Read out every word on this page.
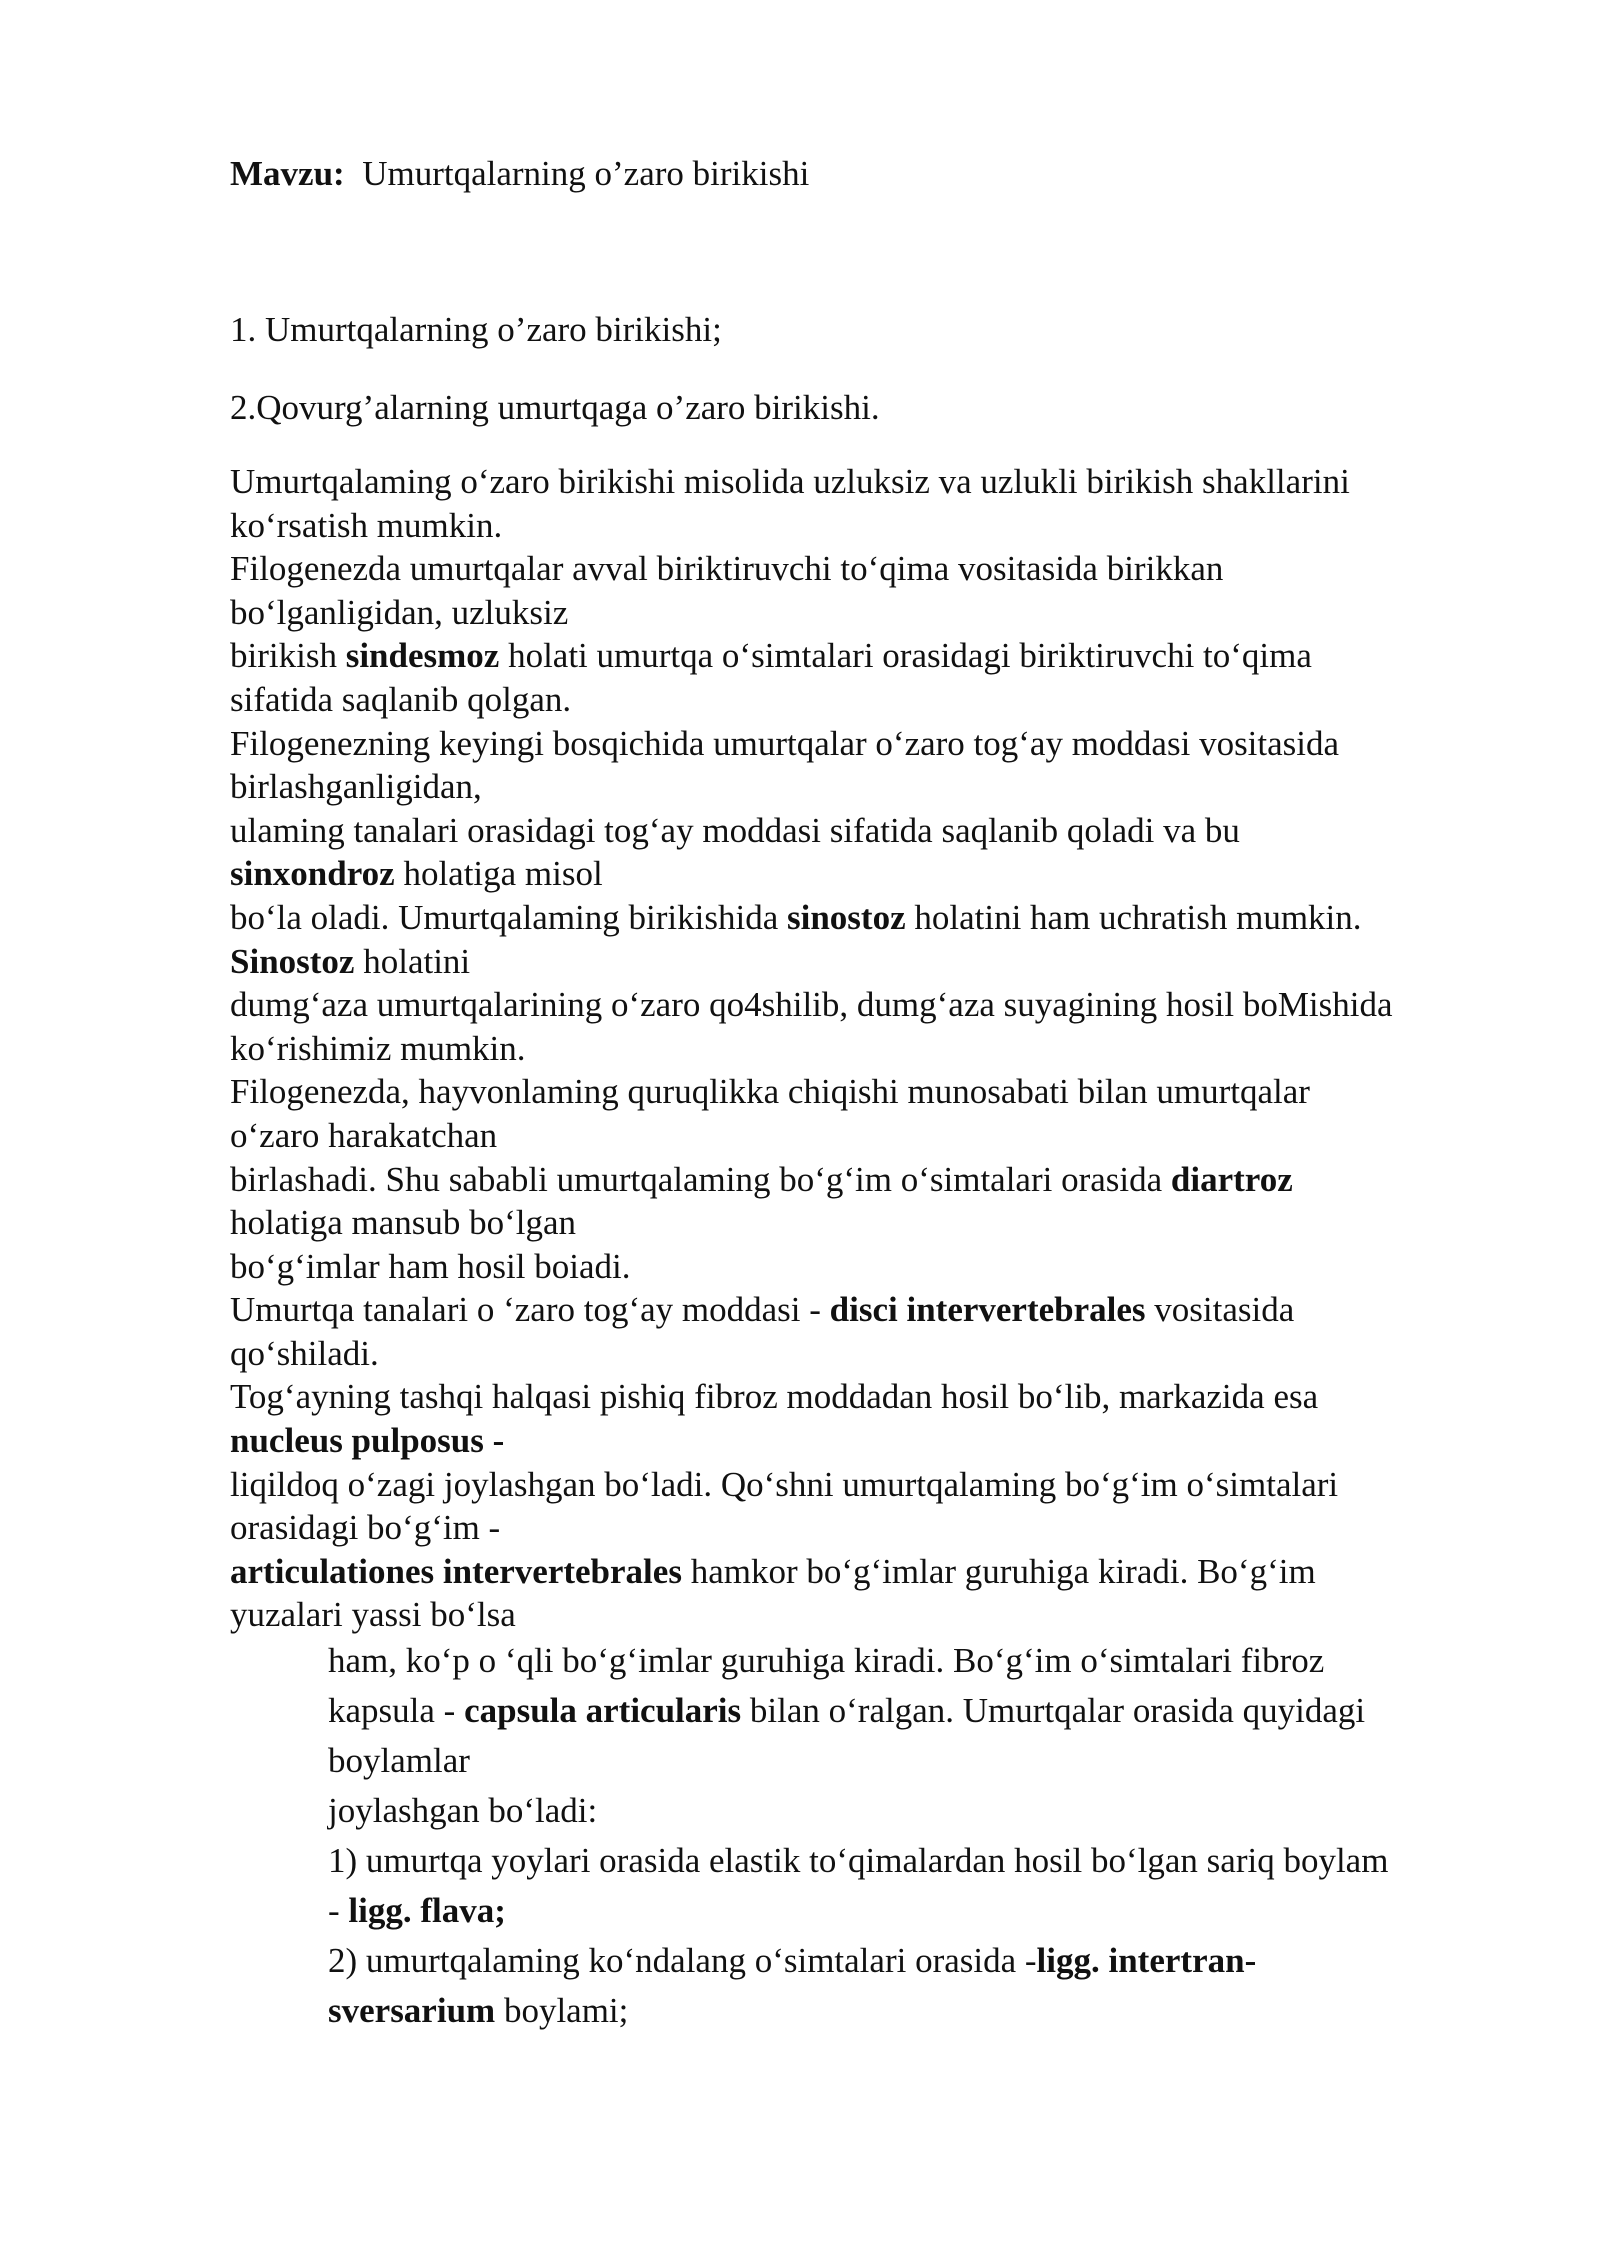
Mavzu: Umurtqalarning o’zaro birikishi
1. Umurtqalarning o’zaro birikishi;
2.Qovurg’alarning umurtqaga o’zaro birikishi.
Umurtqalaming o‘zaro birikishi misolida uzluksiz va uzlukli birikish shakllarini
ko‘rsatish mumkin.
Filogenezda umurtqalar avval biriktiruvchi to‘qima vositasida birikkan
bo‘lganligidan, uzluksiz
birikish sindesmoz holati umurtqa o‘simtalari orasidagi biriktiruvchi to‘qima
sifatida saqlanib qolgan.
Filogenezning keyingi bosqichida umurtqalar o‘zaro tog‘ay moddasi vositasida
birlashganligidan,
ulaming tanalari orasidagi tog‘ay moddasi sifatida saqlanib qoladi va bu
sinxondroz holatiga misol
bo‘la oladi. Umurtqalaming birikishida sinostoz holatini ham uchratish mumkin.
Sinostoz holatini
dumg‘aza umurtqalarining o‘zaro qo4shilib, dumg‘aza suyagining hosil boMishida
ko‘rishimiz mumkin.
Filogenezda, hayvonlaming quruqlikka chiqishi munosabati bilan umurtqalar
o‘zaro harakatchan
birlashadi. Shu sababli umurtqalaming bo‘g‘im o‘simtalari orasida diartroz
holatiga mansub bo‘lgan
bo‘g‘imlar ham hosil boiadi.
Umurtqa tanalari o ‘zaro tog‘ay moddasi - disci intervertebrales vositasida
qo‘shiladi.
Tog‘ayning tashqi halqasi pishiq fibroz moddadan hosil bo‘lib, markazida esa
nucleus pulposus -
liqildoq o‘zagi joylashgan bo‘ladi. Qo‘shni umurtqalaming bo‘g‘im o‘simtalari
orasidagi bo‘g‘im -
articulationes intervertebrales hamkor bo‘g‘imlar guruhiga kiradi. Bo‘g‘im
yuzalari yassi bo‘lsa
ham, ko‘p o ‘qli bo‘g‘imlar guruhiga kiradi. Bo‘g‘im o‘simtalari fibroz
kapsula - capsula articularis bilan o‘ralgan. Umurtqalar orasida quyidagi
boylamlar
joylashgan bo‘ladi:
1) umurtqa yoylari orasida elastik to‘qimalardan hosil bo‘lgan sariq boylam
- ligg. flava;
2) umurtqalaming ko‘ndalang o‘simtalari orasida -ligg. intertran-
sversarium boylami;
